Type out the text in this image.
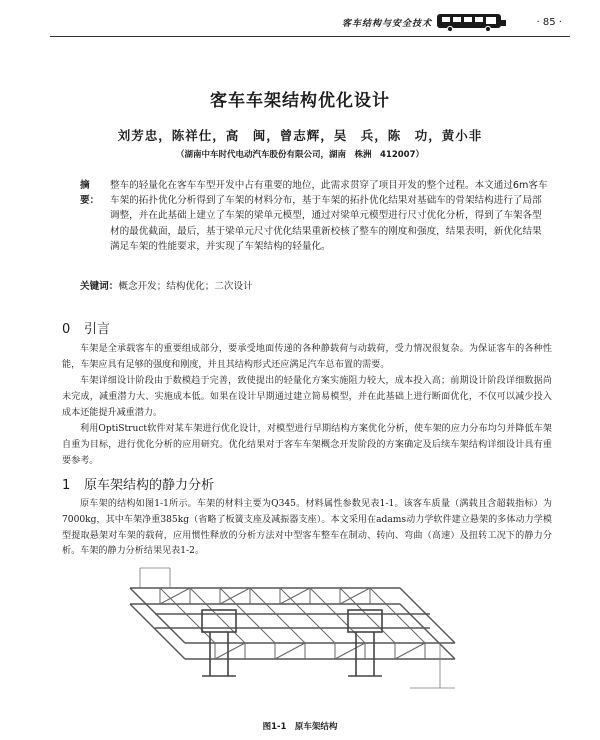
客车结构与安全技术	· 85 ·
客车车架结构优化设计
刘芳忠，陈祥仕，高　闽，曾志辉，吴　兵，陈　功，黄小非
（湖南中车时代电动汽车股份有限公司，湖南　株洲　412007）
摘　要：
整车的轻量化在客车车型开发中占有重要的地位，此需求贯穿了项目开发的整个过程。本文通过6m客车车架的拓扑优化分析得到了车架的材料分布，基于车架的拓扑优化结果对基础车的骨架结构进行了局部调整，并在此基础上建立了车架的梁单元模型，通过对梁单元模型进行尺寸优化分析，得到了车架各型材的最优截面，最后，基于梁单元尺寸优化结果重新校核了整车的刚度和强度，结果表明，新优化结果满足车架的性能要求，并实现了车架结构的轻量化。
关键词：概念开发；结构优化；二次设计
0 引言
车架是全承载客车的重要组成部分，要承受地面传递的各种静载荷与动载荷，受力情况很复杂。为保证客车的各种性能，车架应具有足够的强度和刚度，并且其结构形式还应满足汽车总布置的需要。
车架详细设计阶段由于数模趋于完善，致使提出的轻量化方案实施阻力较大，成本投入高；前期设计阶段详细数据尚未完成，减重潜力大、实施成本低。如果在设计早期通过建立简易模型，并在此基础上进行断面优化，不仅可以减少投入成本还能提升减重潜力。
利用OptiStruct软件对某车架进行优化设计，对模型进行早期结构方案优化分析，使车架的应力分布均匀并降低车架自重为目标，进行优化分析的应用研究。优化结果对于客车车架概念开发阶段的方案确定及后续车架结构详细设计具有重要参考。
1 原车架结构的静力分析
原车架的结构如图1-1所示。车架的材料主要为Q345。材料属性参数见表1-1。该客车质量（满载且含超载指标）为7000kg，其中车架净重385kg（省略了板簧支座及减振器支座）。本文采用在adams动力学软件建立悬架的多体动力学模型提取悬架对车架的载荷，应用惯性释放的分析方法对中型客车整车在制动、转向、弯曲（高速）及扭转工况下的静力分析。车架的静力分析结果见表1-2。
图1-1　原车架结构
